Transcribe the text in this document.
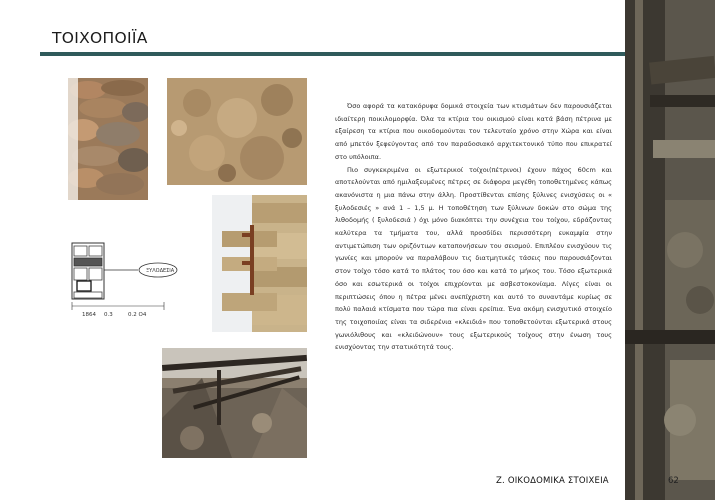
ΤΟΙΧΟΠΟΙΪΑ
ΞΥΛΟΔΕΣΙΑ
1864 0.3	0.2 Ο4

Όσο αφορά τα κατακόρυφα δομικά στοιχεία των κτισμάτων δεν παρουσιάζεται ιδιαίτερη ποικιλομορφία. Όλα τα κτίρια του οικισμού είναι κατά βάση πέτρινα με εξαίρεση τα κτίρια που οικοδομούνται τον τελευταίο χρόνο στην Χώρα και είναι από μπετόν ξεφεύγοντας από τον παραδοσιακό αρχιτεκτονικό τύπο που επικρατεί στο υπόλοιπα.

Πιο συγκεκριμένα οι εξωτερικοί τοίχοι(πέτρινοι) έχουν πάχος 60cm και αποτελούνται από ημιλαξευμένες πέτρες σε διάφορα μεγέθη τοποθετημένες κάπως ακανόνιστα η μια πάνω στην άλλη. Προστίθενται επίσης ξύλινες ενισχύσεις οι « ξυλοδεσιές » ανά 1 – 1,5 μ. Η τοποθέτηση των ξύλινων δοκών στο σώμα της λιθοδομής ( ξυλοδεσιά ) όχι μόνο διακόπτει την συνέχεια του τοίχου, εδράζοντας καλύτερα τα τμήματα του, αλλά προσδίδει περισσότερη ευκαμψία στην αντιμετώπιση των οριζόντιων καταπονήσεων του σεισμού. Επιπλέον ενισχύουν τις γωνίες και μπορούν να παραλάβουν τις διατμητικές τάσεις που παρουσιάζονται στον τοίχο τόσο κατά το πλάτος του όσο και κατά το μήκος του. Τόσο εξωτερικά όσο και εσωτερικά οι τοίχοι επιχρίονται με ασβεστοκονίαμα. Λίγες είναι οι περιπτώσεις όπου η πέτρα μένει ανεπίχριστη και αυτό το συναντάμε κυρίως σε πολύ παλαιά κτίσματα που τώρα πια είναι ερείπια. Ένα ακόμη ενισχυτικό στοιχείο της τοιχοποιίας είναι τα σιδερένια «κλειδιά» που τοποθετούνται εξωτερικά στους γωνιόλιθους και «κλειδώνουν» τους εξωτερικούς τοίχους στην ένωση τους ενισχύοντας την στατικότητά τους.

Ζ. ΟΙΚΟΔΟΜΙΚΑ ΣΤΟΙΧΕΙΑ	62
